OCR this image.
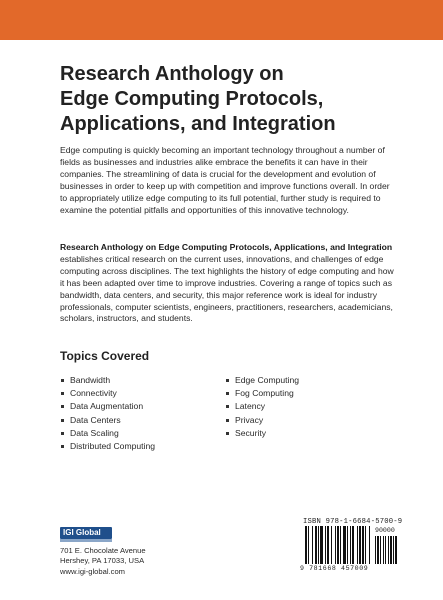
Research Anthology on
Edge Computing Protocols,
Applications, and Integration

Edge computing is quickly becoming an important technology throughout a number of fields as businesses and industries alike embrace the benefits it can have in their companies. The streamlining of data is crucial for the development and evolution of businesses in order to keep up with competition and improve functions overall. In order to appropriately utilize edge computing to its full potential, further study is required to examine the potential pitfalls and opportunities of this innovative technology.

Research Anthology on Edge Computing Protocols, Applications, and Integration establishes critical research on the current uses, innovations, and challenges of edge computing across disciplines. The text highlights the history of edge computing and how it has been adapted over time to improve industries. Covering a range of topics such as bandwidth, data centers, and security, this major reference work is ideal for industry professionals, computer scientists, engineers, practitioners, researchers, academicians, scholars, instructors, and students.

Topics Covered
Bandwidth
Connectivity
Data Augmentation
Data Centers
Data Scaling
Distributed Computing
Edge Computing
Fog Computing
Latency
Privacy
Security
IGI Global
701 E. Chocolate Avenue
Hershey, PA 17033, USA
www.igi-global.com
ISBN 978-1-6684-5700-9
90000
9 781668 457009
